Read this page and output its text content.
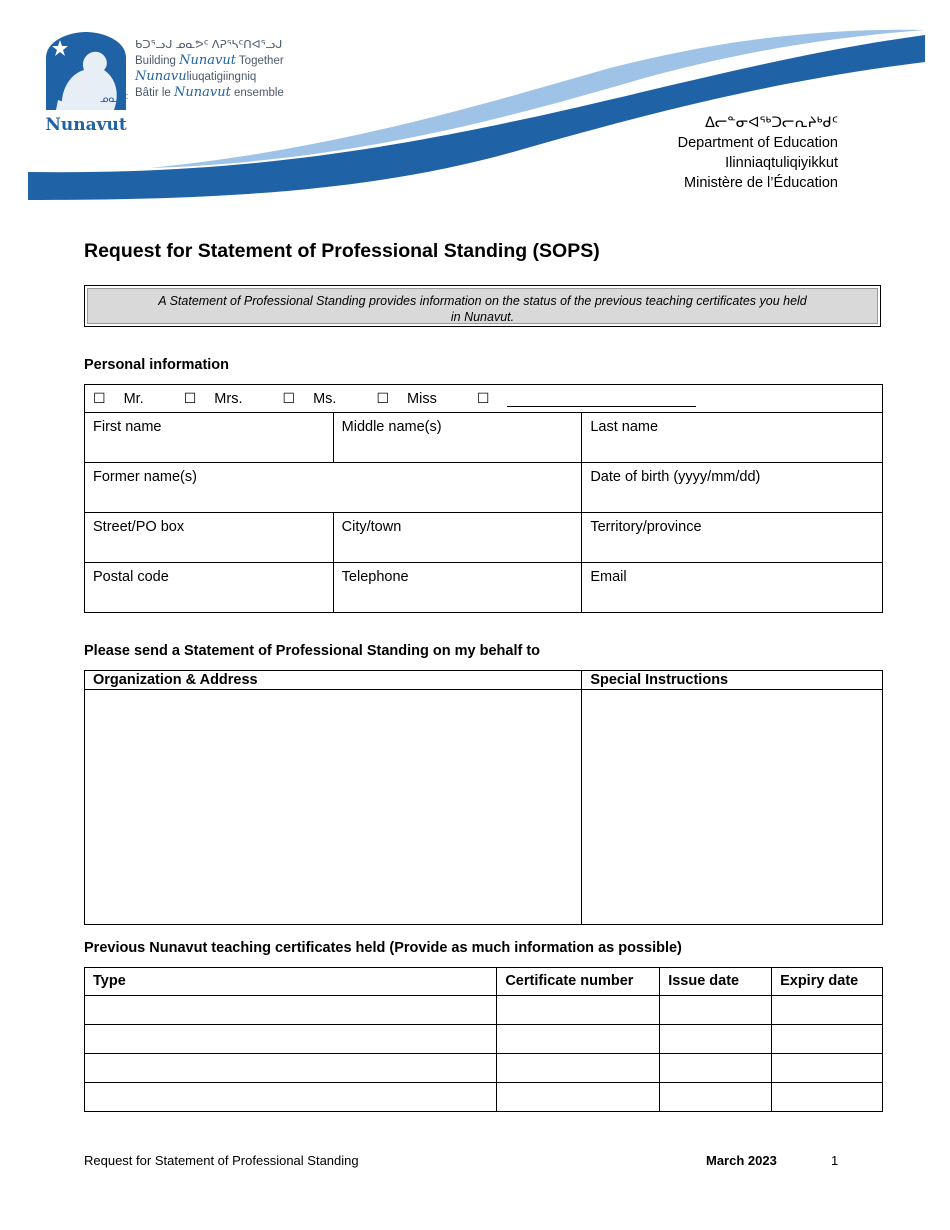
ᓄᓇᕗᑦ
Nunavut
ᑲᑐᕐᓗᒍ ᓄᓇᕗᑦ ᐱᕈᕐᓴᑦᑎᐊᕐᓗᒍ
Building Nunavut Together
Nunavuliuqatigiingniq
Bâtir le Nunavut ensemble
ᐃᓕᓐᓂᐊᖅᑐᓕᕆᔨᒃᑯᑦ
Department of Education
Ilinniaqtuliqiyikkut
Ministère de l’Éducation
Request for Statement of Professional Standing (SOPS)
A Statement of Professional Standing provides information on the status of the previous teaching certificates you held in Nunavut.
Personal information
☐ Mr. ☐ Mrs. ☐ Ms. ☐ Miss ☐		
First name	Middle name(s)	Last name
Former name(s)		Date of birth (yyyy/mm/dd)
Street/PO box	City/town	Territory/province
Postal code	Telephone	Email
Please send a Statement of Professional Standing on my behalf to
Organization & Address	Special Instructions

Previous Nunavut teaching certificates held (Provide as much information as possible)
Type	Certificate number	Issue date	Expiry date

Request for Statement of Professional Standing	March 2023	1
